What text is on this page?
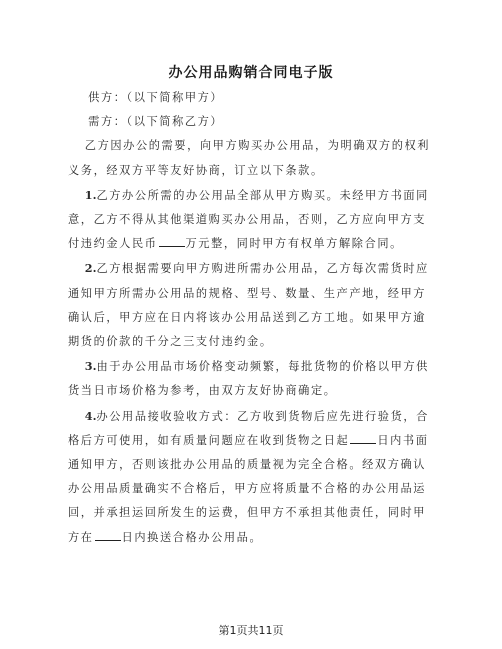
办公用品购销合同电子版

供方：（以下简称甲方）

需方：（以下简称乙方）

乙方因办公的需要，向甲方购买办公用品，为明确双方的权利义务，经双方平等友好协商，订立以下条款。

1.乙方办公所需的办公用品全部从甲方购买。未经甲方书面同意，乙方不得从其他渠道购买办公用品，否则，乙方应向甲方支付违约金人民币	万元整，同时甲方有权单方解除合同。

2.乙方根据需要向甲方购进所需办公用品，乙方每次需货时应通知甲方所需办公用品的规格、型号、数量、生产产地，经甲方确认后，甲方应在日内将该办公用品送到乙方工地。如果甲方逾期货的价款的千分之三支付违约金。

3.由于办公用品市场价格变动频繁，每批货物的价格以甲方供货当日市场价格为参考，由双方友好协商确定。

4.办公用品接收验收方式：乙方收到货物后应先进行验货，合格后方可使用，如有质量问题应在收到货物之日起	日内书面通知甲方，否则该批办公用品的质量视为完全合格。经双方确认办公用品质量确实不合格后，甲方应将质量不合格的办公用品运回，并承担运回所发生的运费，但甲方不承担其他责任，同时甲方在	日内换送合格办公用品。

第1页共11页
